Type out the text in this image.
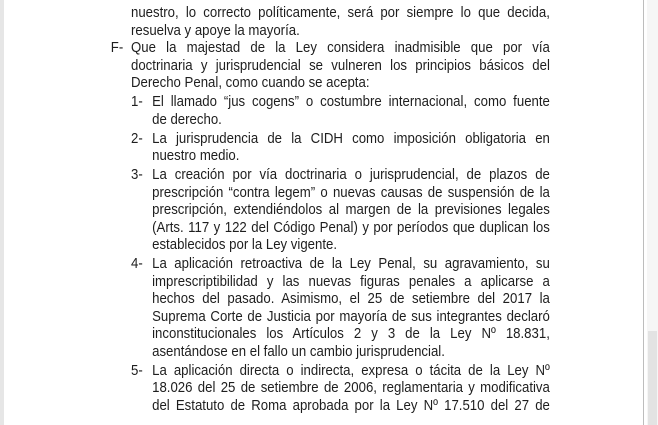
nuestro, lo correcto políticamente, será por siempre lo que decida,
resuelva y apoye la mayoría.
F- Que la majestad de la Ley considera inadmisible que por vía
doctrinaria y jurisprudencial se vulneren los principios básicos del
Derecho Penal, como cuando se acepta:
1- El llamado “jus cogens” o costumbre internacional, como fuente
de derecho.
2- La jurisprudencia de la CIDH como imposición obligatoria en
nuestro medio.
3- La creación por vía doctrinaria o jurisprudencial, de plazos de
prescripción “contra legem” o nuevas causas de suspensión de la
prescripción, extendiéndolos al margen de la previsiones legales
(Arts. 117 y 122 del Código Penal) y por períodos que duplican los
establecidos por la Ley vigente.
4- La aplicación retroactiva de la Ley Penal, su agravamiento, su
imprescriptibilidad y las nuevas figuras penales a aplicarse a
hechos del pasado. Asimismo, el 25 de setiembre del 2017 la
Suprema Corte de Justicia por mayoría de sus integrantes declaró
inconstitucionales los Artículos 2 y 3 de la Ley Nº 18.831,
asentándose en el fallo un cambio jurisprudencial.
5- La aplicación directa o indirecta, expresa o tácita de la Ley Nº
18.026 del 25 de setiembre de 2006, reglamentaria y modificativa
del Estatuto de Roma aprobada por la Ley Nº 17.510 del 27 de
